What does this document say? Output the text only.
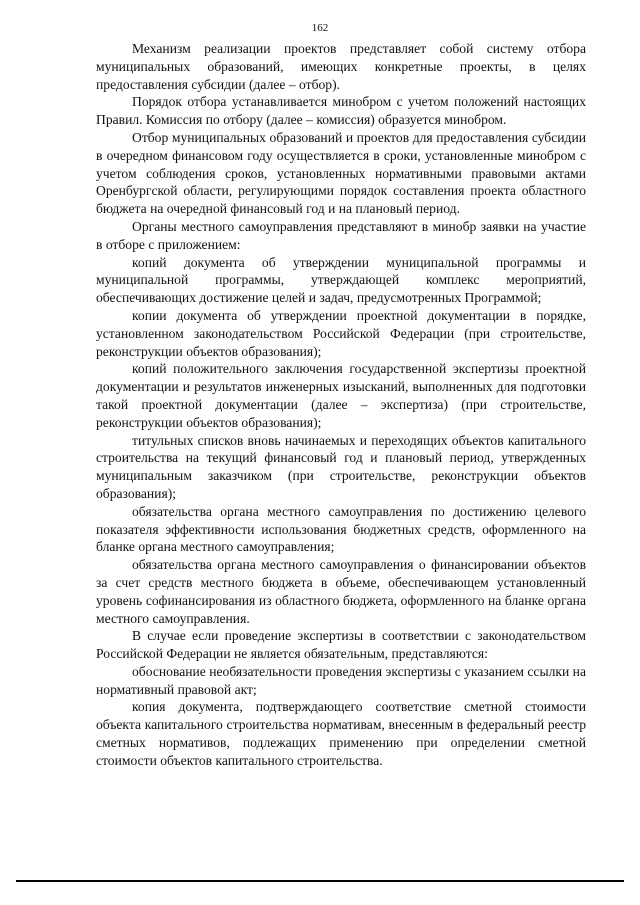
162

Механизм реализации проектов представляет собой систему отбора муниципальных образований, имеющих конкретные проекты, в целях предоставления субсидии (далее – отбор).

Порядок отбора устанавливается минобром с учетом положений настоящих Правил. Комиссия по отбору (далее – комиссия) образуется минобром.

Отбор муниципальных образований и проектов для предоставления субсидии в очередном финансовом году осуществляется в сроки, установленные минобром с учетом соблюдения сроков, установленных нормативными правовыми актами Оренбургской области, регулирующими порядок составления проекта областного бюджета на очередной финансовый год и на плановый период.

Органы местного самоуправления представляют в минобр заявки на участие в отборе с приложением:

копий документа об утверждении муниципальной программы и муниципальной программы, утверждающей комплекс мероприятий, обеспечивающих достижение целей и задач, предусмотренных Программой;

копии документа об утверждении проектной документации в порядке, установленном законодательством Российской Федерации (при строительстве, реконструкции объектов образования);

копий положительного заключения государственной экспертизы проектной документации и результатов инженерных изысканий, выполненных для подготовки такой проектной документации (далее – экспертиза) (при строительстве, реконструкции объектов образования);

титульных списков вновь начинаемых и переходящих объектов капитального строительства на текущий финансовый год и плановый период, утвержденных муниципальным заказчиком (при строительстве, реконструкции объектов образования);

обязательства органа местного самоуправления по достижению целевого показателя эффективности использования бюджетных средств, оформленного на бланке органа местного самоуправления;

обязательства органа местного самоуправления о финансировании объектов за счет средств местного бюджета в объеме, обеспечивающем установленный уровень софинансирования из областного бюджета, оформленного на бланке органа местного самоуправления.

В случае если проведение экспертизы в соответствии с законодательством Российской Федерации не является обязательным, представляются:

обоснование необязательности проведения экспертизы с указанием ссылки на нормативный правовой акт;

копия документа, подтверждающего соответствие сметной стоимости объекта капитального строительства нормативам, внесенным в федеральный реестр сметных нормативов, подлежащих применению при определении сметной стоимости объектов капитального строительства.
